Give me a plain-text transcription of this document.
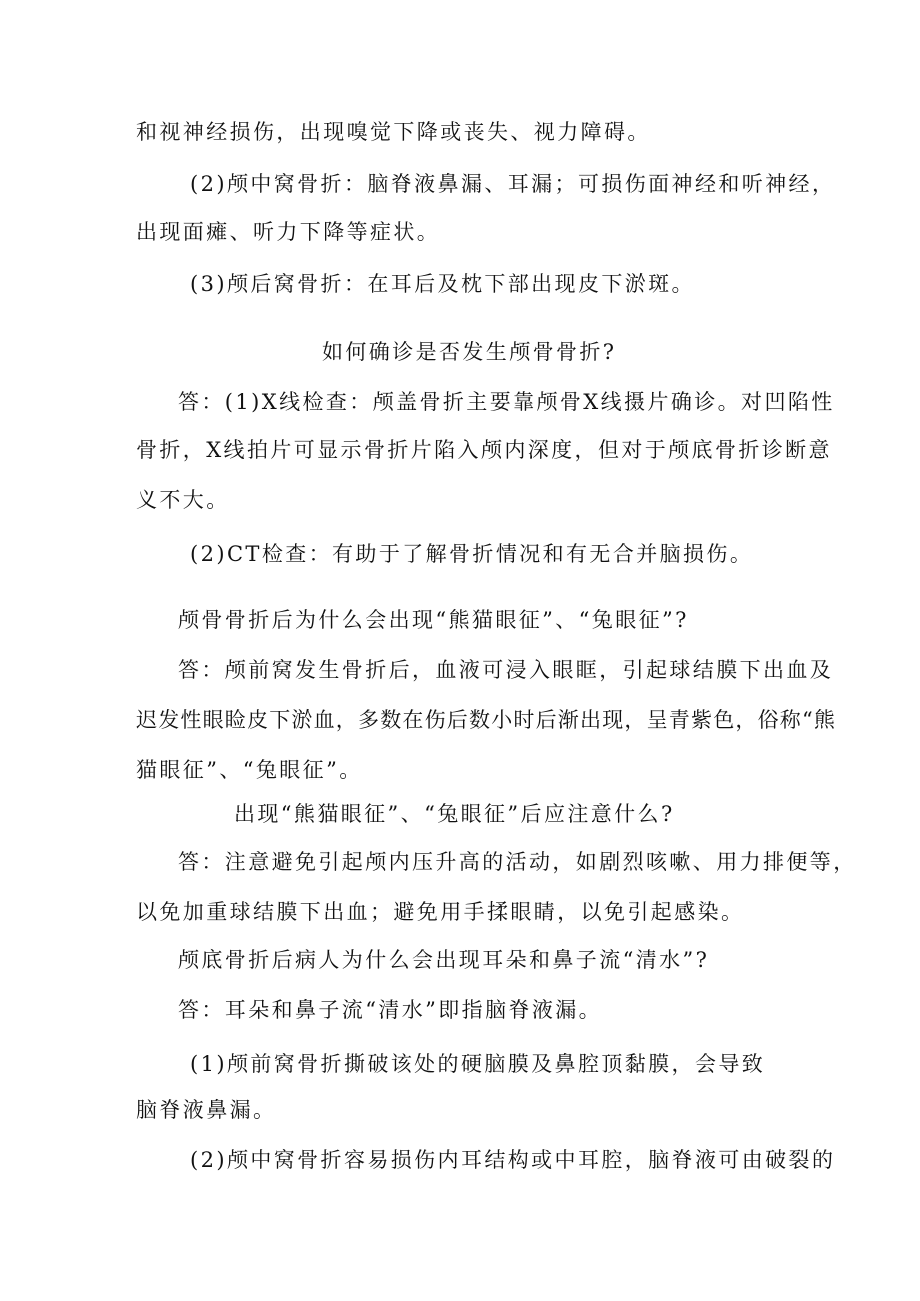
和视神经损伤，出现嗅觉下降或丧失、视力障碍。
(2)颅中窝骨折：脑脊液鼻漏、耳漏；可损伤面神经和听神经，
出现面瘫、听力下降等症状。
(3)颅后窝骨折：在耳后及枕下部出现皮下淤斑。
如何确诊是否发生颅骨骨折?
答：(1)X线检查：颅盖骨折主要靠颅骨X线摄片确诊。对凹陷性
骨折，X线拍片可显示骨折片陷入颅内深度，但对于颅底骨折诊断意
义不大。
(2)CT检查：有助于了解骨折情况和有无合并脑损伤。
颅骨骨折后为什么会出现“熊猫眼征”、“兔眼征”?
答：颅前窝发生骨折后，血液可浸入眼眶，引起球结膜下出血及
迟发性眼睑皮下淤血，多数在伤后数小时后渐出现，呈青紫色，俗称“熊
猫眼征”、“兔眼征”。
出现“熊猫眼征”、“兔眼征”后应注意什么?
答：注意避免引起颅内压升高的活动，如剧烈咳嗽、用力排便等，
以免加重球结膜下出血；避免用手揉眼睛，以免引起感染。
颅底骨折后病人为什么会出现耳朵和鼻子流“清水”?
答：耳朵和鼻子流“清水”即指脑脊液漏。
(1)颅前窝骨折撕破该处的硬脑膜及鼻腔顶黏膜，会导致
脑脊液鼻漏。
(2)颅中窝骨折容易损伤内耳结构或中耳腔，脑脊液可由破裂的
